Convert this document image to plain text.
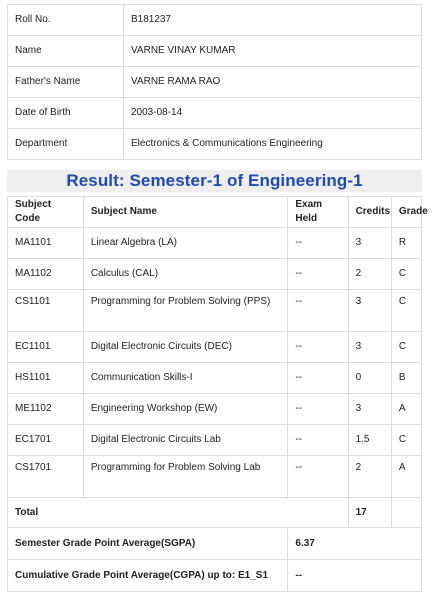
Roll No.	B181237
Name	VARNE VINAY KUMAR
Father's Name	VARNE RAMA RAO
Date of Birth	2003-08-14
Department	Electronics & Communications Engineering
Result: Semester-1 of Engineering-1
Subject Code	Subject Name	Exam Held	Credits	Grade
MA1101	Linear Algebra (LA)	--	3	R
MA1102	Calculus (CAL)	--	2	C
CS1101	Programming for Problem Solving (PPS)	--	3	C
EC1101	Digital Electronic Circuits (DEC)	--	3	C
HS1101	Communication Skills-I	--	0	B
ME1102	Engineering Workshop (EW)	--	3	A
EC1701	Digital Electronic Circuits Lab	--	1.5	C
CS1701	Programming for Problem Solving Lab	--	2	A
Total			17	
Semester Grade Point Average(SGPA)		6.37		
Cumulative Grade Point Average(CGPA) up to: E1_S1		--		
